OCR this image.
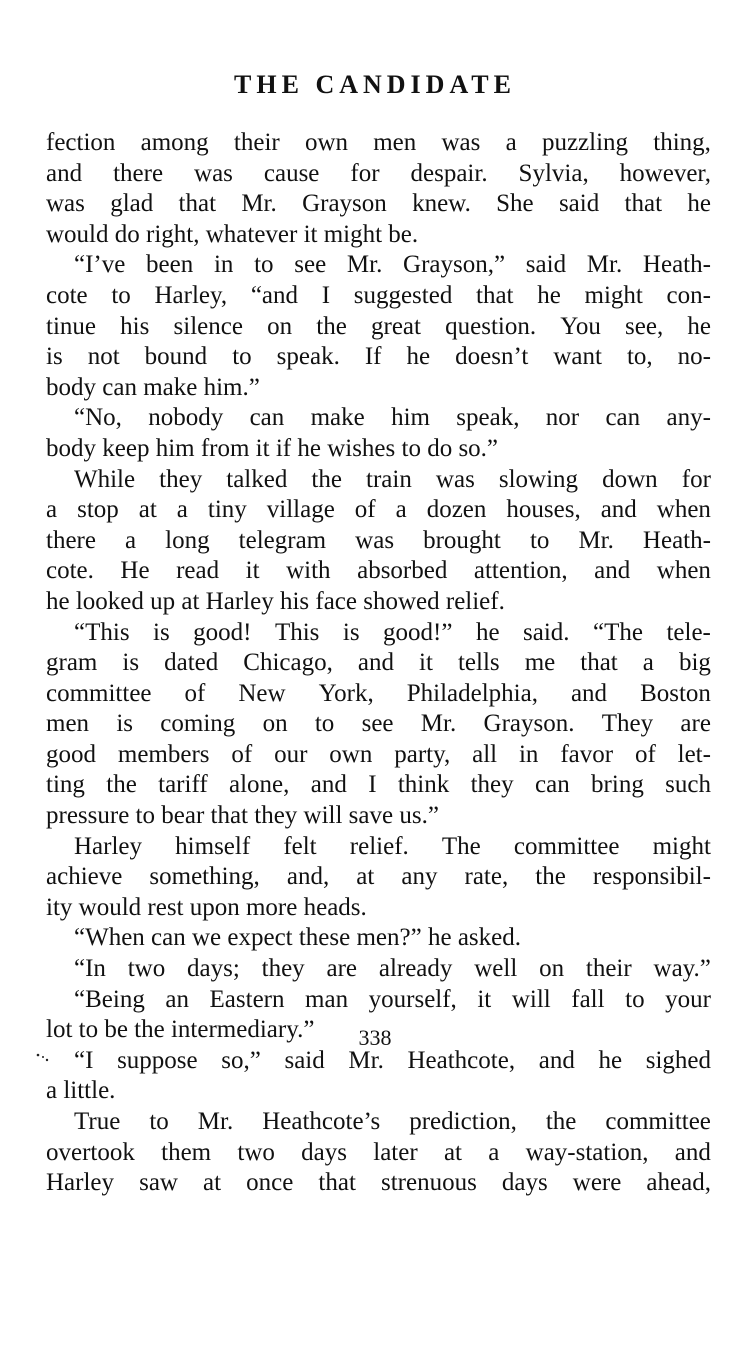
THE CANDIDATE
fection among their own men was a puzzling thing,
and there was cause for despair. Sylvia, however,
was glad that Mr. Grayson knew. She said that he
would do right, whatever it might be.
“I’ve been in to see Mr. Grayson,” said Mr. Heath-
cote to Harley, “and I suggested that he might con-
tinue his silence on the great question. You see, he
is not bound to speak. If he doesn’t want to, no-
body can make him.”
“No, nobody can make him speak, nor can any-
body keep him from it if he wishes to do so.”
While they talked the train was slowing down for
a stop at a tiny village of a dozen houses, and when
there a long telegram was brought to Mr. Heath-
cote. He read it with absorbed attention, and when
he looked up at Harley his face showed relief.
“This is good! This is good!” he said. “The tele-
gram is dated Chicago, and it tells me that a big
committee of New York, Philadelphia, and Boston
men is coming on to see Mr. Grayson. They are
good members of our own party, all in favor of let-
ting the tariff alone, and I think they can bring such
pressure to bear that they will save us.”
Harley himself felt relief. The committee might
achieve something, and, at any rate, the responsibil-
ity would rest upon more heads.
“When can we expect these men?” he asked.
“In two days; they are already well on their way.”
“Being an Eastern man yourself, it will fall to your
lot to be the intermediary.”
“I suppose so,” said Mr. Heathcote, and he sighed
a little.
True to Mr. Heathcote’s prediction, the committee
overtook them two days later at a way-station, and
Harley saw at once that strenuous days were ahead,
338
